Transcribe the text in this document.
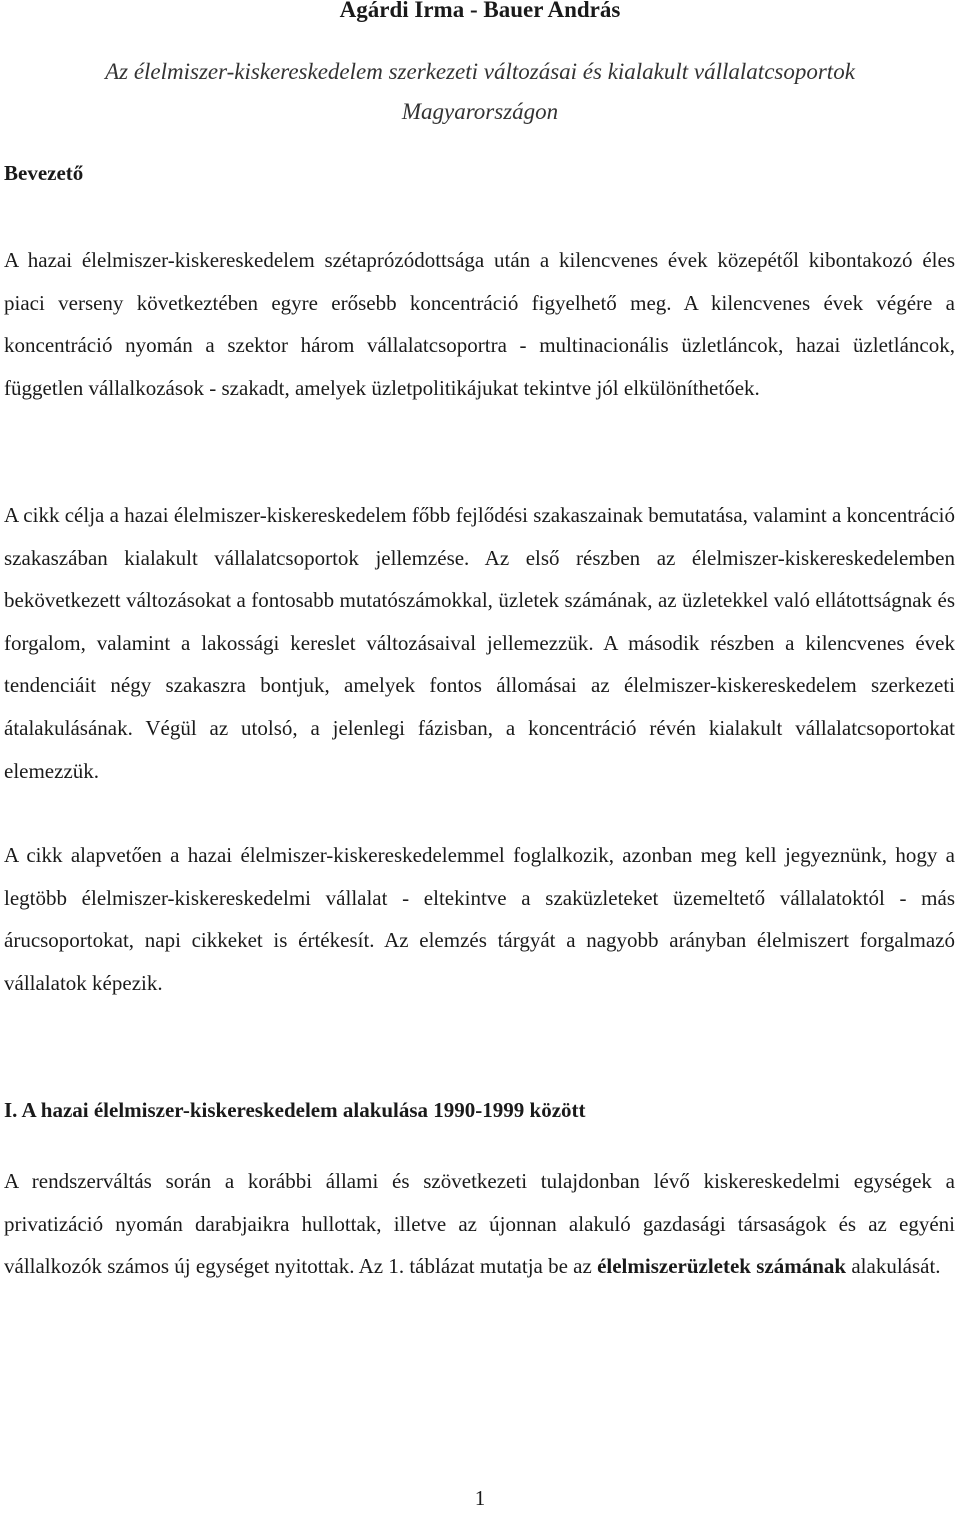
Agárdi Irma - Bauer András
Az élelmiszer-kiskereskedelem szerkezeti változásai és kialakult vállalatcsoportok
Magyarországon
Bevezető

A hazai élelmiszer-kiskereskedelem szétaprózódottsága után a kilencvenes évek közepétől kibontakozó éles piaci verseny következtében egyre erősebb koncentráció figyelhető meg. A kilencvenes évek végére a koncentráció nyomán a szektor három vállalatcsoportra - multinacionális üzletláncok, hazai üzletláncok, független vállalkozások - szakadt, amelyek üzletpolitikájukat tekintve jól elkülöníthetőek.

A cikk célja a hazai élelmiszer-kiskereskedelem főbb fejlődési szakaszainak bemutatása, valamint a koncentráció szakaszában kialakult vállalatcsoportok jellemzése. Az első részben az élelmiszer-kiskereskedelemben bekövetkezett változásokat a fontosabb mutatószámokkal, üzletek számának, az üzletekkel való ellátottságnak és forgalom, valamint a lakossági kereslet változásaival jellemezzük. A második részben a kilencvenes évek tendenciáit négy szakaszra bontjuk, amelyek fontos állomásai az élelmiszer-kiskereskedelem szerkezeti átalakulásának. Végül az utolsó, a jelenlegi fázisban, a koncentráció révén kialakult vállalatcsoportokat elemezzük.

A cikk alapvetően a hazai élelmiszer-kiskereskedelemmel foglalkozik, azonban meg kell jegyeznünk, hogy a legtöbb élelmiszer-kiskereskedelmi vállalat - eltekintve a szaküzleteket üzemeltető vállalatoktól - más árucsoportokat, napi cikkeket is értékesít. Az elemzés tárgyát a nagyobb arányban élelmiszert forgalmazó vállalatok képezik.

I. A hazai élelmiszer-kiskereskedelem alakulása 1990-1999 között

A rendszerváltás során a korábbi állami és szövetkezeti tulajdonban lévő kiskereskedelmi egységek a privatizáció nyomán darabjaikra hullottak, illetve az újonnan alakuló gazdasági társaságok és az egyéni vállalkozók számos új egységet nyitottak. Az 1. táblázat mutatja be az élelmiszerüzletek számának alakulását.

1
